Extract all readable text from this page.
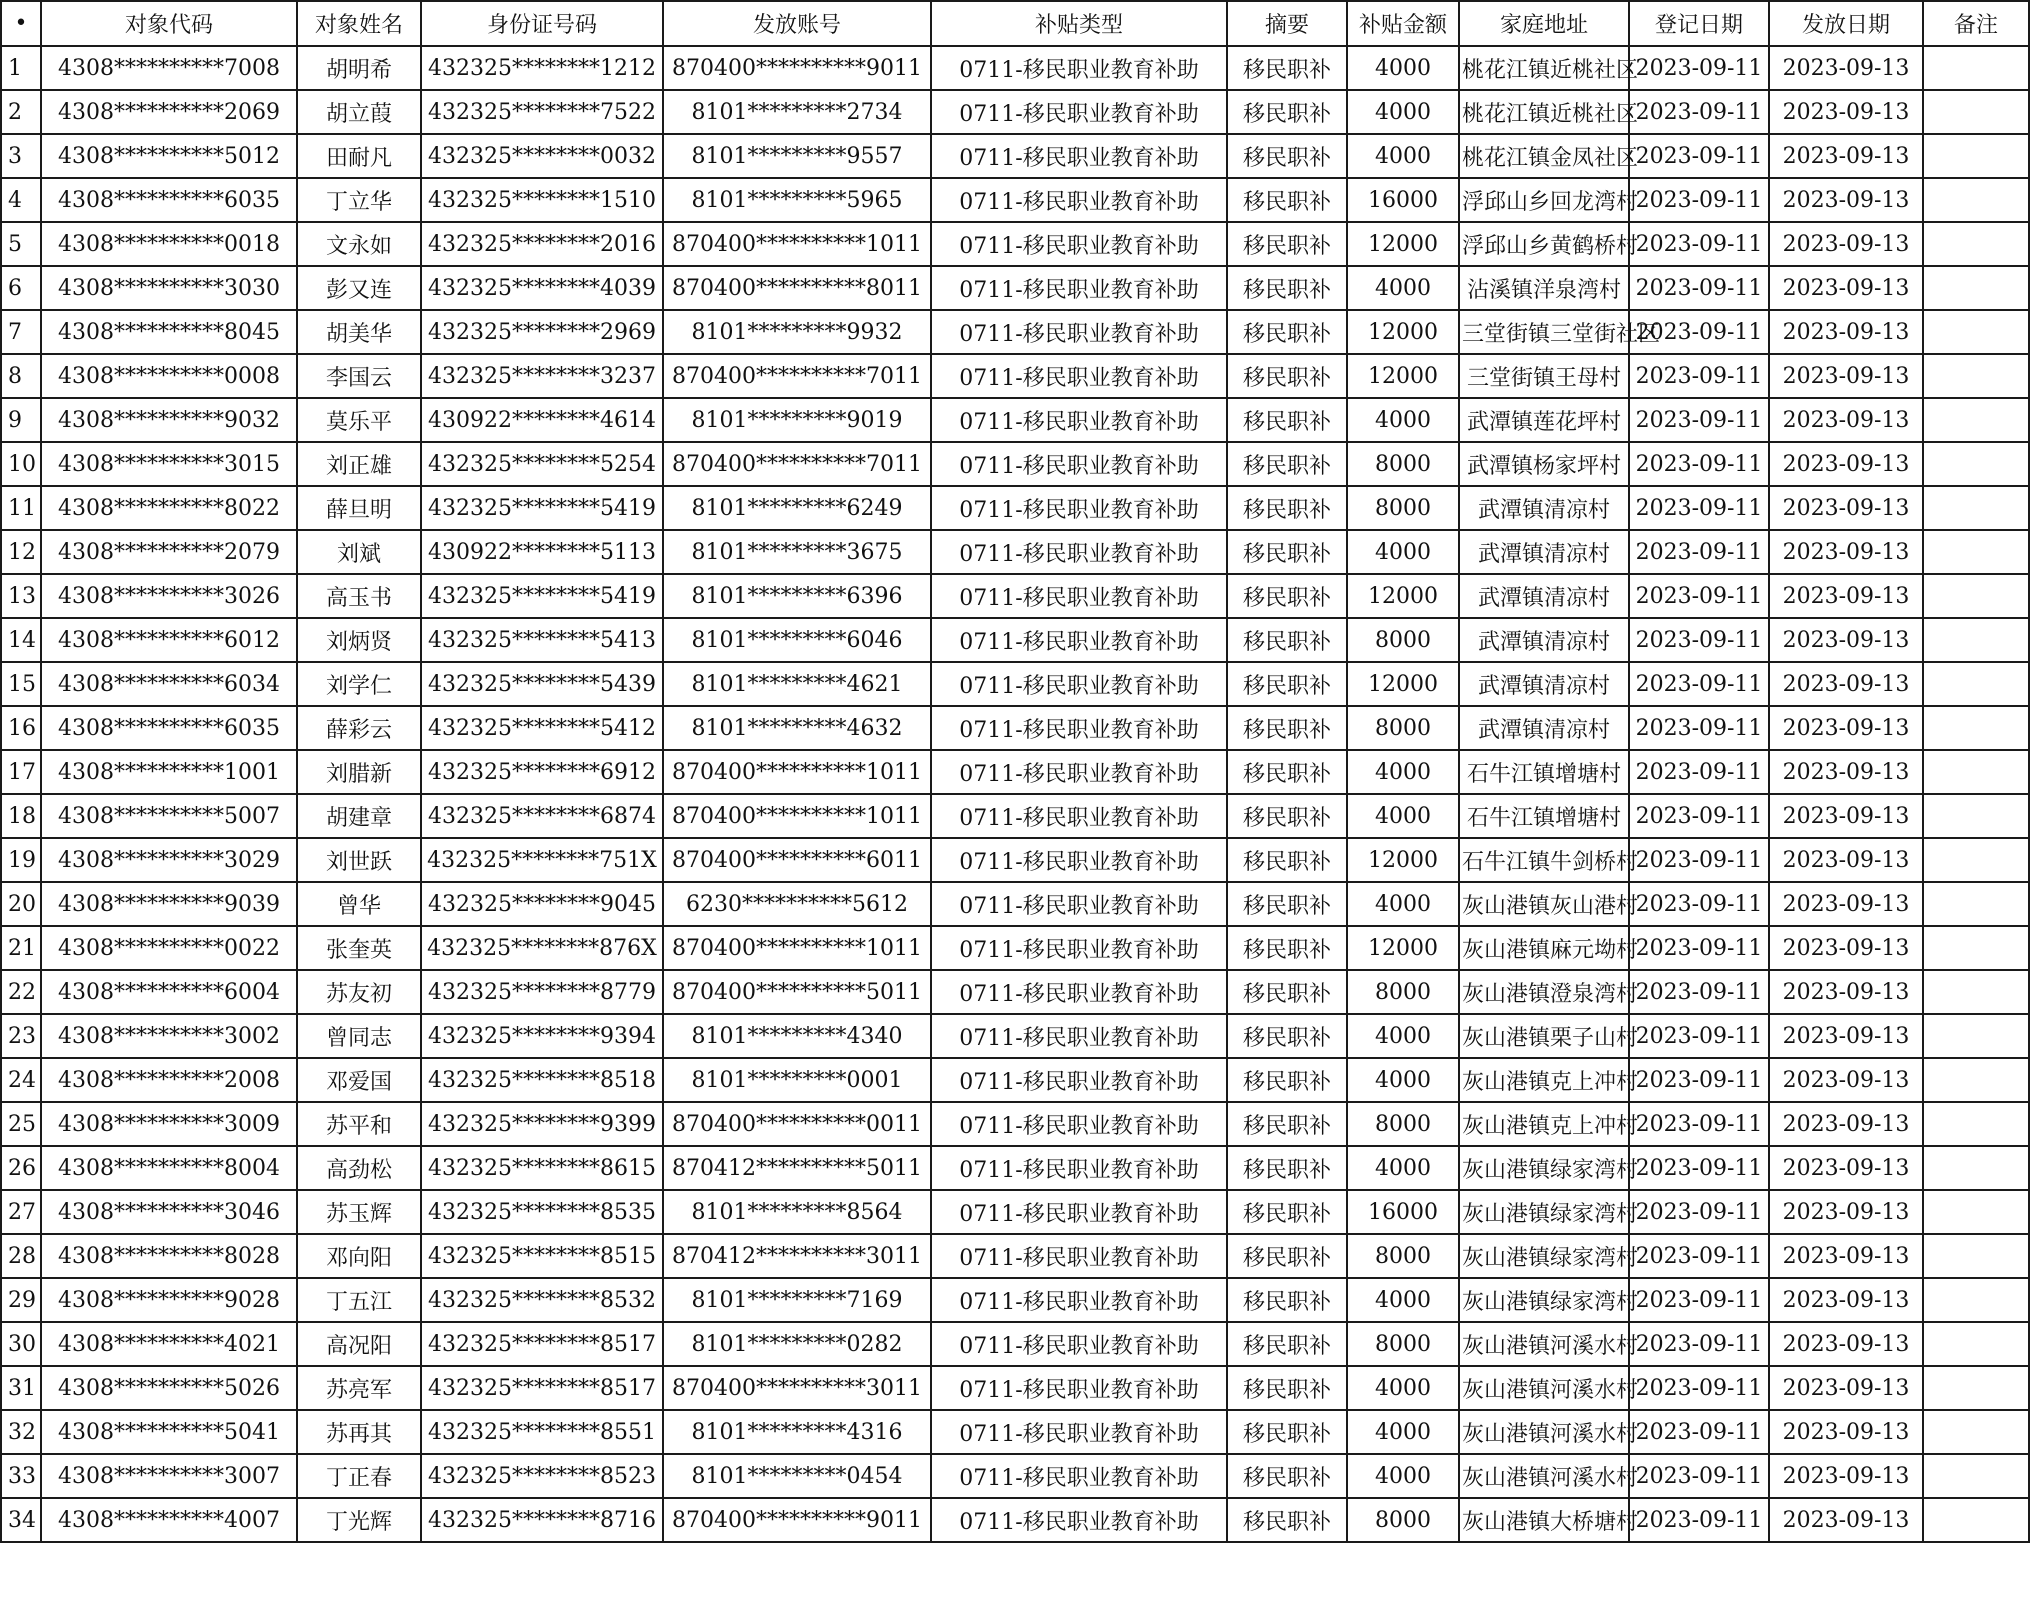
•	对象代码	对象姓名	身份证号码	发放账号	补贴类型	摘要	补贴金额	家庭地址	登记日期	发放日期	备注
1	4308**********7008	胡明希	432325********1212	870400**********9011	0711-移民职业教育补助	移民职补	4000	桃花江镇近桃社区	2023-09-11	2023-09-13	
2	4308**********2069	胡立葭	432325********7522	8101*********2734	0711-移民职业教育补助	移民职补	4000	桃花江镇近桃社区	2023-09-11	2023-09-13	
3	4308**********5012	田耐凡	432325********0032	8101*********9557	0711-移民职业教育补助	移民职补	4000	桃花江镇金凤社区	2023-09-11	2023-09-13	
4	4308**********6035	丁立华	432325********1510	8101*********5965	0711-移民职业教育补助	移民职补	16000	浮邱山乡回龙湾村	2023-09-11	2023-09-13	
5	4308**********0018	文永如	432325********2016	870400**********1011	0711-移民职业教育补助	移民职补	12000	浮邱山乡黄鹤桥村	2023-09-11	2023-09-13	
6	4308**********3030	彭又连	432325********4039	870400**********8011	0711-移民职业教育补助	移民职补	4000	沾溪镇洋泉湾村	2023-09-11	2023-09-13	
7	4308**********8045	胡美华	432325********2969	8101*********9932	0711-移民职业教育补助	移民职补	12000	三堂街镇三堂街社区	2023-09-11	2023-09-13	
8	4308**********0008	李国云	432325********3237	870400**********7011	0711-移民职业教育补助	移民职补	12000	三堂街镇王母村	2023-09-11	2023-09-13	
9	4308**********9032	莫乐平	430922********4614	8101*********9019	0711-移民职业教育补助	移民职补	4000	武潭镇莲花坪村	2023-09-11	2023-09-13	
10	4308**********3015	刘正雄	432325********5254	870400**********7011	0711-移民职业教育补助	移民职补	8000	武潭镇杨家坪村	2023-09-11	2023-09-13	
11	4308**********8022	薛旦明	432325********5419	8101*********6249	0711-移民职业教育补助	移民职补	8000	武潭镇清凉村	2023-09-11	2023-09-13	
12	4308**********2079	刘斌	430922********5113	8101*********3675	0711-移民职业教育补助	移民职补	4000	武潭镇清凉村	2023-09-11	2023-09-13	
13	4308**********3026	高玉书	432325********5419	8101*********6396	0711-移民职业教育补助	移民职补	12000	武潭镇清凉村	2023-09-11	2023-09-13	
14	4308**********6012	刘炳贤	432325********5413	8101*********6046	0711-移民职业教育补助	移民职补	8000	武潭镇清凉村	2023-09-11	2023-09-13	
15	4308**********6034	刘学仁	432325********5439	8101*********4621	0711-移民职业教育补助	移民职补	12000	武潭镇清凉村	2023-09-11	2023-09-13	
16	4308**********6035	薛彩云	432325********5412	8101*********4632	0711-移民职业教育补助	移民职补	8000	武潭镇清凉村	2023-09-11	2023-09-13	
17	4308**********1001	刘腊新	432325********6912	870400**********1011	0711-移民职业教育补助	移民职补	4000	石牛江镇增塘村	2023-09-11	2023-09-13	
18	4308**********5007	胡建章	432325********6874	870400**********1011	0711-移民职业教育补助	移民职补	4000	石牛江镇增塘村	2023-09-11	2023-09-13	
19	4308**********3029	刘世跃	432325********751X	870400**********6011	0711-移民职业教育补助	移民职补	12000	石牛江镇牛剑桥村	2023-09-11	2023-09-13	
20	4308**********9039	曾华	432325********9045	6230**********5612	0711-移民职业教育补助	移民职补	4000	灰山港镇灰山港村	2023-09-11	2023-09-13	
21	4308**********0022	张奎英	432325********876X	870400**********1011	0711-移民职业教育补助	移民职补	12000	灰山港镇麻元坳村	2023-09-11	2023-09-13	
22	4308**********6004	苏友初	432325********8779	870400**********5011	0711-移民职业教育补助	移民职补	8000	灰山港镇澄泉湾村	2023-09-11	2023-09-13	
23	4308**********3002	曾同志	432325********9394	8101*********4340	0711-移民职业教育补助	移民职补	4000	灰山港镇栗子山村	2023-09-11	2023-09-13	
24	4308**********2008	邓爱国	432325********8518	8101*********0001	0711-移民职业教育补助	移民职补	4000	灰山港镇克上冲村	2023-09-11	2023-09-13	
25	4308**********3009	苏平和	432325********9399	870400**********0011	0711-移民职业教育补助	移民职补	8000	灰山港镇克上冲村	2023-09-11	2023-09-13	
26	4308**********8004	高劲松	432325********8615	870412**********5011	0711-移民职业教育补助	移民职补	4000	灰山港镇绿家湾村	2023-09-11	2023-09-13	
27	4308**********3046	苏玉辉	432325********8535	8101*********8564	0711-移民职业教育补助	移民职补	16000	灰山港镇绿家湾村	2023-09-11	2023-09-13	
28	4308**********8028	邓向阳	432325********8515	870412**********3011	0711-移民职业教育补助	移民职补	8000	灰山港镇绿家湾村	2023-09-11	2023-09-13	
29	4308**********9028	丁五江	432325********8532	8101*********7169	0711-移民职业教育补助	移民职补	4000	灰山港镇绿家湾村	2023-09-11	2023-09-13	
30	4308**********4021	高况阳	432325********8517	8101*********0282	0711-移民职业教育补助	移民职补	8000	灰山港镇河溪水村	2023-09-11	2023-09-13	
31	4308**********5026	苏亮军	432325********8517	870400**********3011	0711-移民职业教育补助	移民职补	4000	灰山港镇河溪水村	2023-09-11	2023-09-13	
32	4308**********5041	苏再其	432325********8551	8101*********4316	0711-移民职业教育补助	移民职补	4000	灰山港镇河溪水村	2023-09-11	2023-09-13	
33	4308**********3007	丁正春	432325********8523	8101*********0454	0711-移民职业教育补助	移民职补	4000	灰山港镇河溪水村	2023-09-11	2023-09-13	
34	4308**********4007	丁光辉	432325********8716	870400**********9011	0711-移民职业教育补助	移民职补	8000	灰山港镇大桥塘村	2023-09-11	2023-09-13	
